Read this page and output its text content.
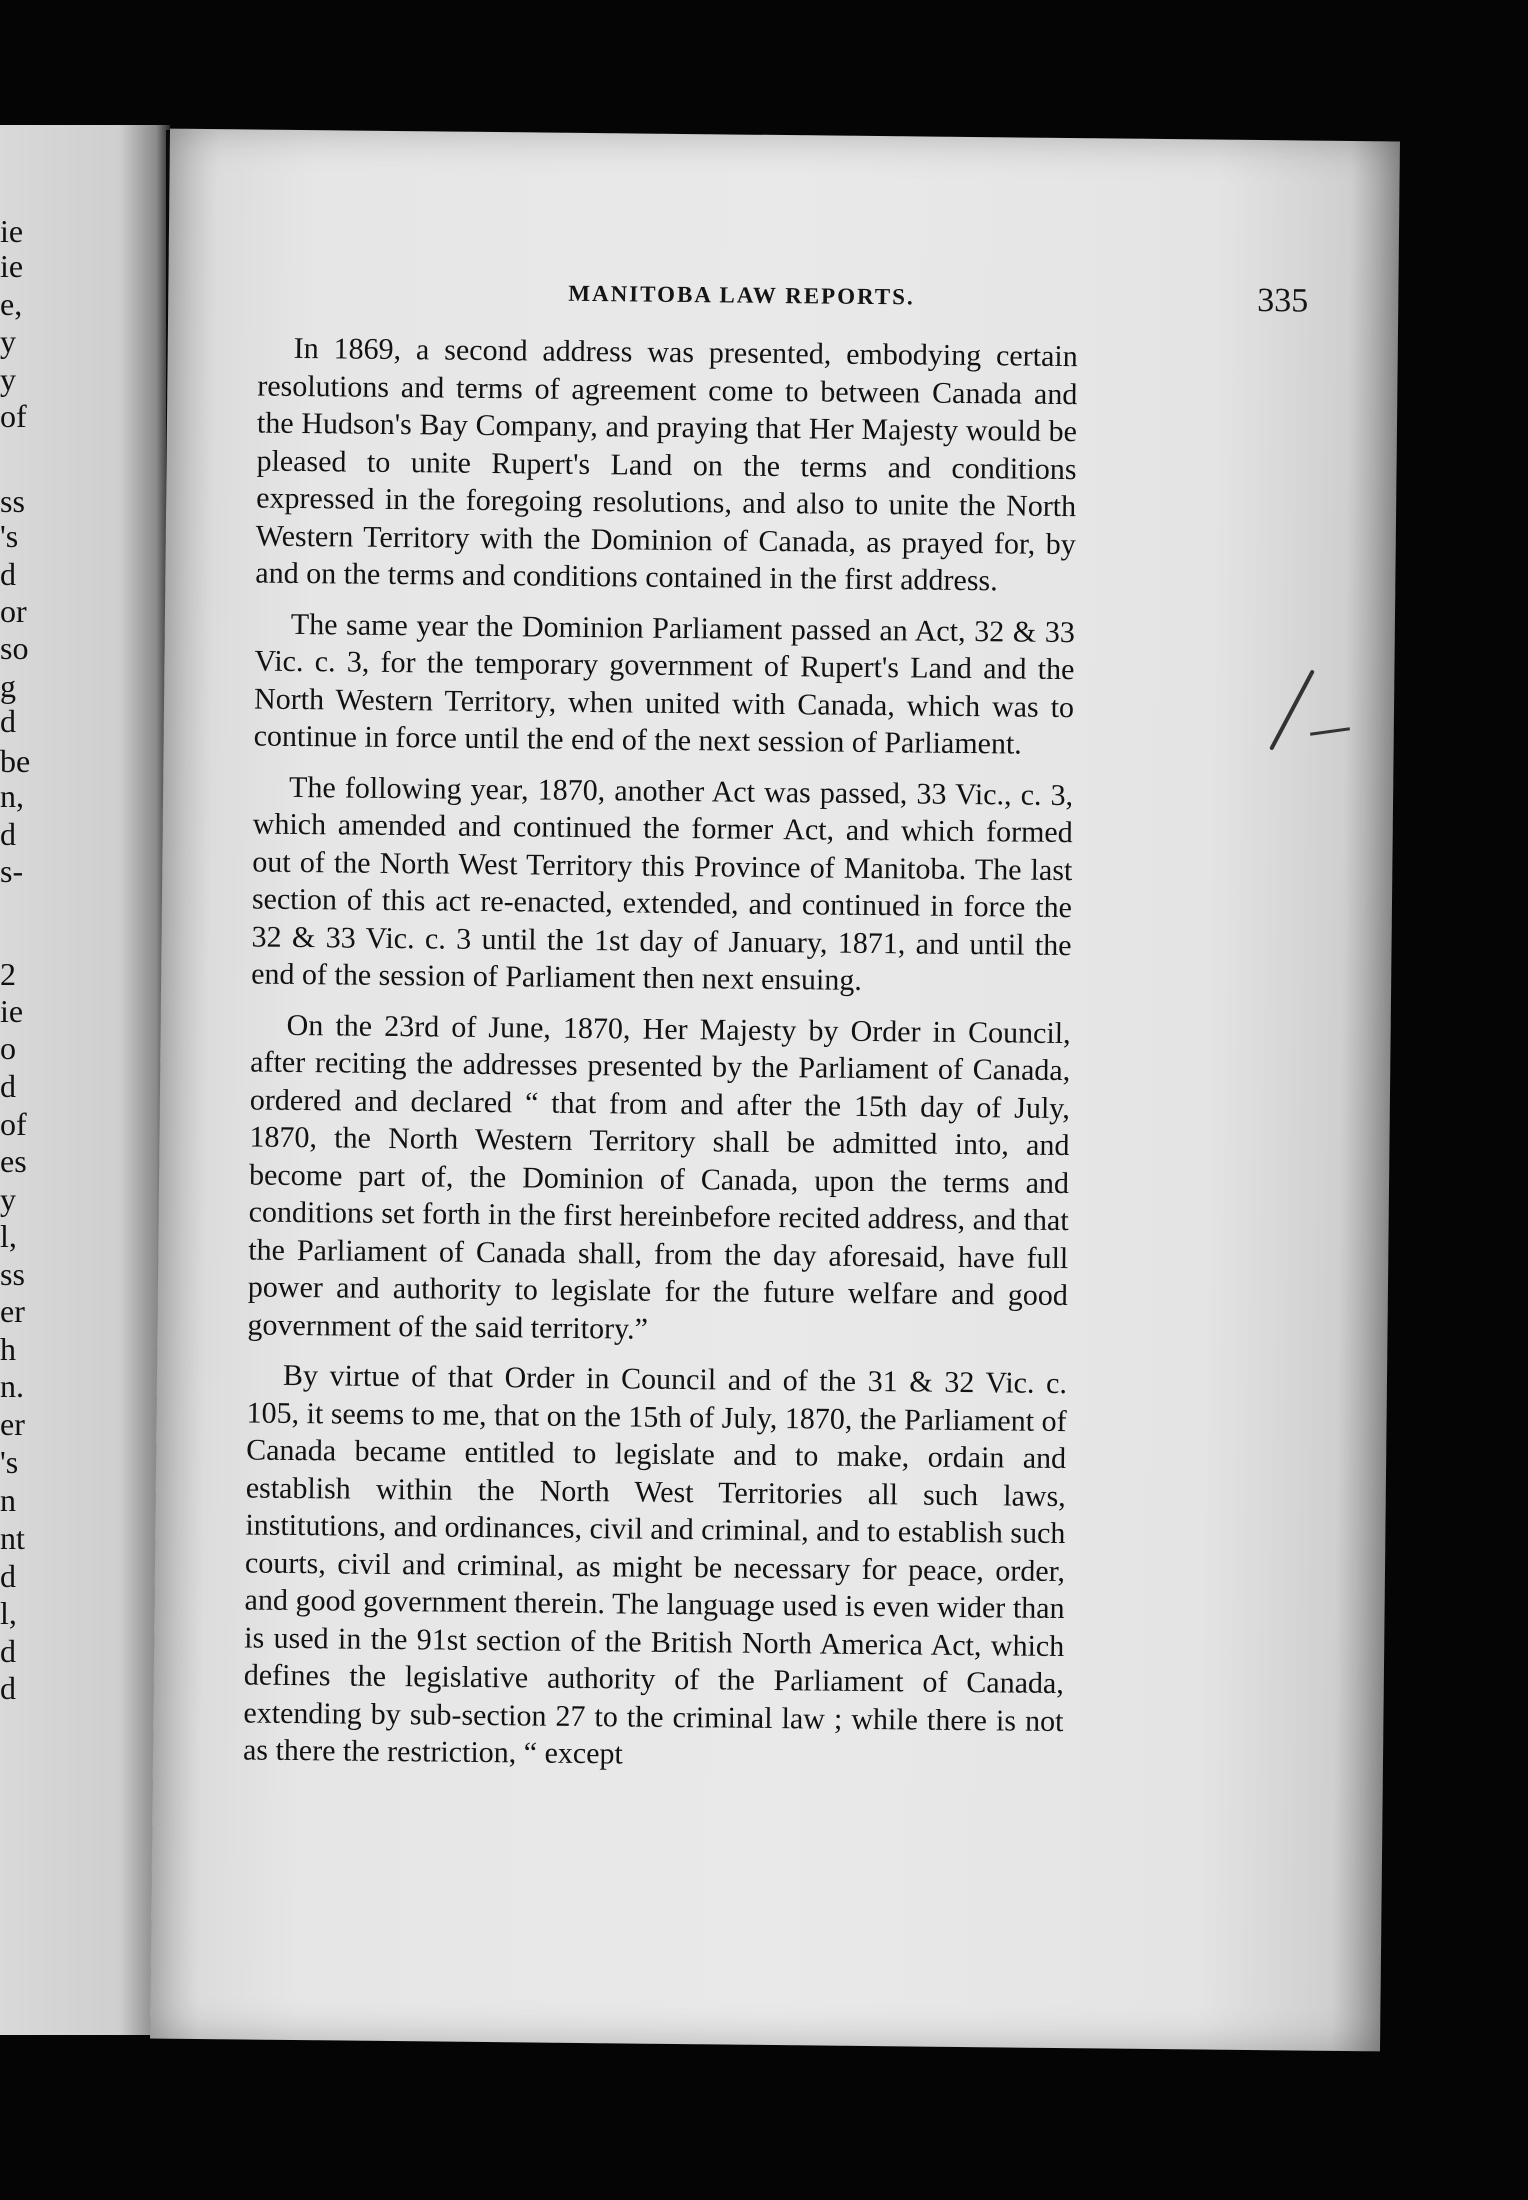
ie
ie
e,
y
y
of
ss
's
d
or
so
g
d
be
n,
d
s-
2
ie
o
d
of
es
y
l,
ss
er
h
n.
er
's
n
nt
d
l,
d
d
MANITOBA LAW REPORTS.	335

In 1869, a second address was presented, embodying certain resolutions and terms of agreement come to between Canada and the Hudson's Bay Company, and praying that Her Majesty would be pleased to unite Rupert's Land on the terms and conditions expressed in the foregoing resolutions, and also to unite the North Western Territory with the Dominion of Canada, as prayed for, by and on the terms and conditions contained in the first address.

The same year the Dominion Parliament passed an Act, 32 & 33 Vic. c. 3, for the temporary government of Rupert's Land and the North Western Territory, when united with Canada, which was to continue in force until the end of the next session of Parliament.

The following year, 1870, another Act was passed, 33 Vic., c. 3, which amended and continued the former Act, and which formed out of the North West Territory this Province of Manitoba. The last section of this act re-enacted, extended, and continued in force the 32 & 33 Vic. c. 3 until the 1st day of January, 1871, and until the end of the session of Parliament then next ensuing.

On the 23rd of June, 1870, Her Majesty by Order in Council, after reciting the addresses presented by the Parliament of Canada, ordered and declared “ that from and after the 15th day of July, 1870, the North Western Territory shall be admitted into, and become part of, the Dominion of Canada, upon the terms and conditions set forth in the first hereinbefore recited address, and that the Parliament of Canada shall, from the day aforesaid, have full power and authority to legislate for the future welfare and good government of the said territory.”

By virtue of that Order in Council and of the 31 & 32 Vic. c. 105, it seems to me, that on the 15th of July, 1870, the Parliament of Canada became entitled to legislate and to make, ordain and establish within the North West Territories all such laws, institutions, and ordinances, civil and criminal, and to establish such courts, civil and criminal, as might be necessary for peace, order, and good government therein. The language used is even wider than is used in the 91st section of the British North America Act, which defines the legislative authority of the Parliament of Canada, extending by sub-section 27 to the criminal law ; while there is not as there the restriction, “ except
